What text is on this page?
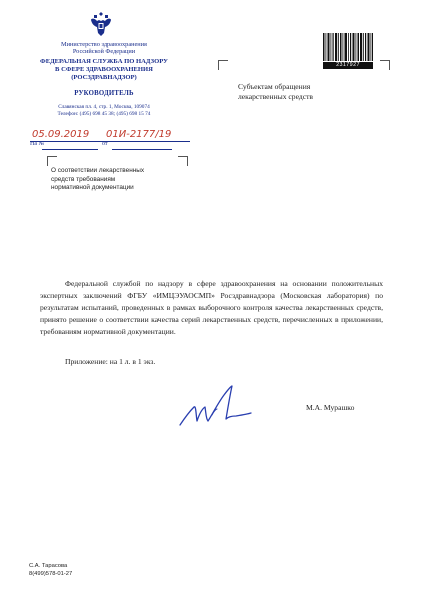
Министерство здравоохранения
Российской Федерации
ФЕДЕРАЛЬНАЯ СЛУЖБА ПО НАДЗОРУ
В СФЕРЕ ЗДРАВООХРАНЕНИЯ
(РОСЗДРАВНАДЗОР)
РУКОВОДИТЕЛЬ
Славянская пл. 4, стр. 1, Москва, 109074
Телефон: (495) 698 45 38; (495) 698 15 74
05.09.2019 01И-2177/19
На №	от
Субъектам обращения
лекарственных средств
2317927
О соответствии лекарственных
средств требованиям
нормативной документации
Федеральной службой по надзору в сфере здравоохранения на основании положительных экспертных заключений ФГБУ «ИМЦЭУАОСМП» Росздравнадзора (Московская лаборатория) по результатам испытаний, проведенных в рамках выборочного контроля качества лекарственных средств, принято решение о соответствии качества серий лекарственных средств, перечисленных в приложении, требованиям нормативной документации.
Приложение: на 1 л. в 1 экз.
М.А. Мурашко
С.А. Тарасова
8(499)578-01-27
